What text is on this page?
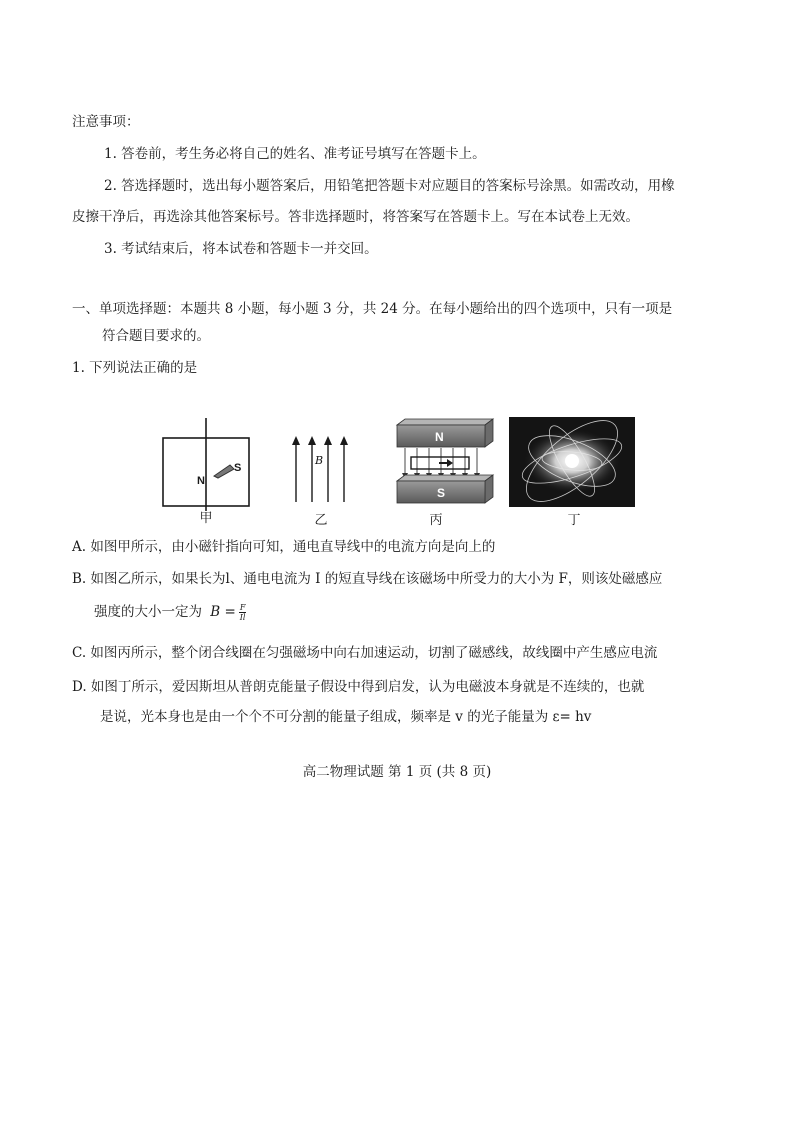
注意事项：
1. 答卷前，考生务必将自己的姓名、准考证号填写在答题卡上。
2. 答选择题时，选出每小题答案后，用铅笔把答题卡对应题目的答案标号涂黑。如需改动，用橡
皮擦干净后，再选涂其他答案标号。答非选择题时，将答案写在答题卡上。写在本试卷上无效。
3. 考试结束后，将本试卷和答题卡一并交回。
一、单项选择题：本题共 8 小题，每小题 3 分，共 24 分。在每小题给出的四个选项中，只有一项是
符合题目要求的。
1. 下列说法正确的是
N
S
甲
B
乙
N
S
丙	丁
A. 如图甲所示，由小磁针指向可知，通电直导线中的电流方向是向上的
B. 如图乙所示，如果长为l、通电电流为 I 的短直导线在该磁场中所受力的大小为 F，则该处磁感应
强度的大小一定为 $B = \frac{F}{Il}$
C. 如图丙所示，整个闭合线圈在匀强磁场中向右加速运动，切割了磁感线，故线圈中产生感应电流
D. 如图丁所示，爱因斯坦从普朗克能量子假设中得到启发，认为电磁波本身就是不连续的，也就
是说，光本身也是由一个个不可分割的能量子组成，频率是 v 的光子能量为 ε= hv
高二物理试题 第 1 页 (共 8 页)
